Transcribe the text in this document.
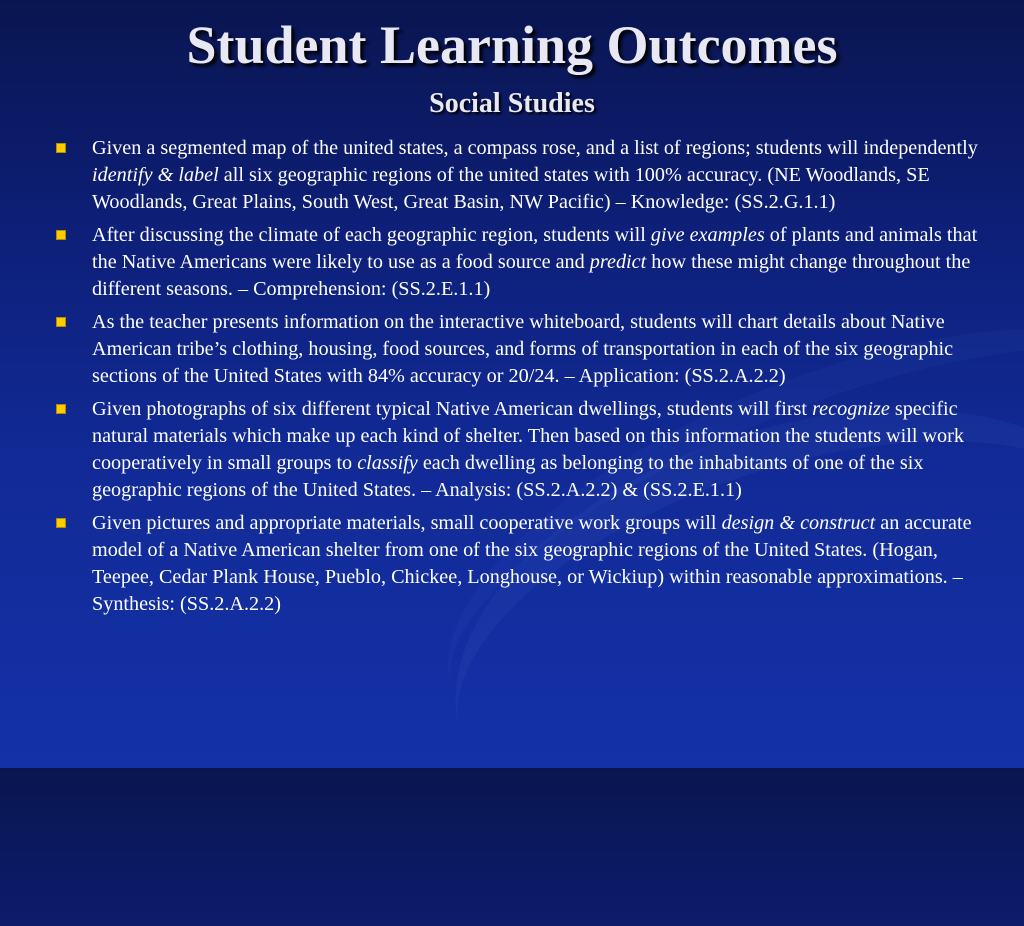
Student Learning Outcomes
Social Studies
Given a segmented map of the united states, a compass rose, and a list of regions; students will independently identify & label all six geographic regions of the united states with 100% accuracy. (NE Woodlands, SE Woodlands, Great Plains, South West, Great Basin, NW Pacific) – Knowledge: (SS.2.G.1.1)
After discussing the climate of each geographic region, students will give examples of plants and animals that the Native Americans were likely to use as a food source and predict how these might change throughout the different seasons. – Comprehension: (SS.2.E.1.1)
As the teacher presents information on the interactive whiteboard, students will chart details about Native American tribe’s clothing, housing, food sources, and forms of transportation in each of the six geographic sections of the United States with 84% accuracy or 20/24. – Application: (SS.2.A.2.2)
Given photographs of six different typical Native American dwellings, students will first recognize specific natural materials which make up each kind of shelter. Then based on this information the students will work cooperatively in small groups to classify each dwelling as belonging to the inhabitants of one of the six geographic regions of the United States. – Analysis: (SS.2.A.2.2) & (SS.2.E.1.1)
Given pictures and appropriate materials, small cooperative work groups will design & construct an accurate model of a Native American shelter from one of the six geographic regions of the United States. (Hogan, Teepee, Cedar Plank House, Pueblo, Chickee, Longhouse, or Wickiup) within reasonable approximations. – Synthesis: (SS.2.A.2.2)
